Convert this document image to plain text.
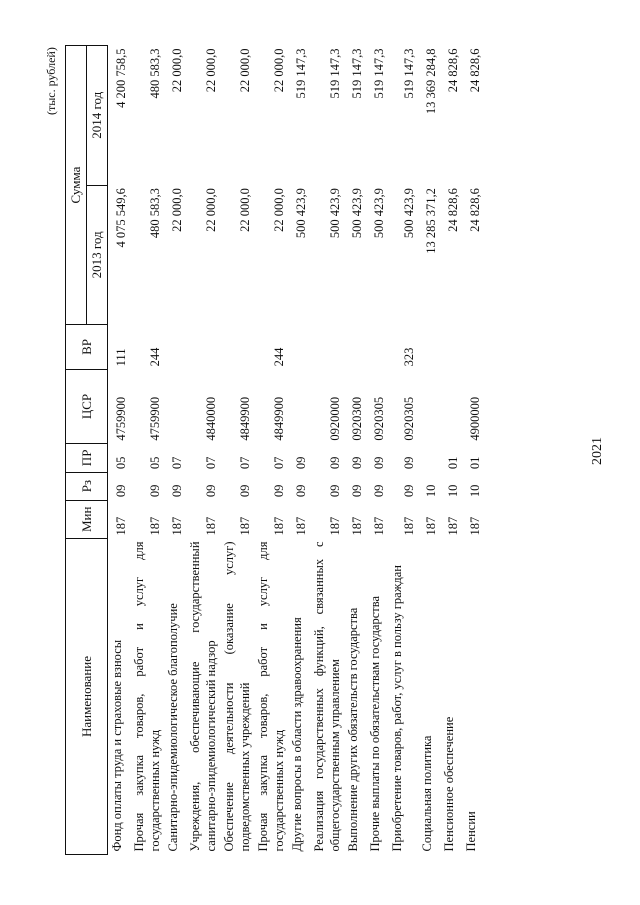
2021
(тыс. рублей)
Наименование	Мин	Рз	ПР	ЦСР	ВР	Сумма	
						2013 год	2014 год
Фонд оплаты труда и страховые взносы	187	09	05	4759900	111	4 075 549,6	4 200 758,5
Прочая закупка товаров, работ и услуг для государственных нужд	187	09	05	4759900	244	480 583,3	480 583,3
Санитарно-эпидемиологическое благополучие	187	09	07			22 000,0	22 000,0
Учреждения, обеспечивающие государственный санитарно-эпидемиологический надзор	187	09	07	4840000		22 000,0	22 000,0
Обеспечение деятельности (оказание услуг) подведомственных учреждений	187	09	07	4849900		22 000,0	22 000,0
Прочая закупка товаров, работ и услуг для государственных нужд	187	09	07	4849900	244	22 000,0	22 000,0
Другие вопросы в области здравоохранения	187	09	09			500 423,9	519 147,3
Реализация государственных функций, связанных с общегосударственным управлением	187	09	09	0920000		500 423,9	519 147,3
Выполнение других обязательств государства	187	09	09	0920300		500 423,9	519 147,3
Прочие выплаты по обязательствам государства	187	09	09	0920305		500 423,9	519 147,3
Приобретение товаров, работ, услуг в пользу граждан	187	09	09	0920305	323	500 423,9	519 147,3
Социальная политика	187	10				13 285 371,2	13 369 284,8
Пенсионное обеспечение	187	10	01			24 828,6	24 828,6
Пенсии	187	10	01	4900000		24 828,6	24 828,6
